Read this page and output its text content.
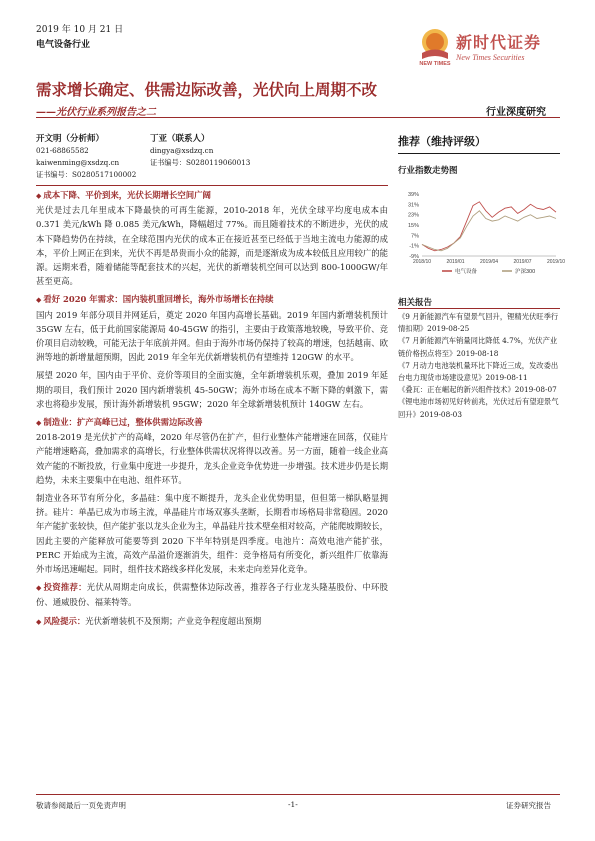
2019 年 10 月 21 日
电气设备行业
NEW TIMES
新时代证券
New Times Securities
需求增长确定、供需边际改善，光伏向上周期不改
——光伏行业系列报告之二	行业深度研究
开文明（分析师）
021-68865582
kaiwenming@xsdzq.cn
证书编号：S0280517100002
丁亚（联系人）
dingya@xsdzq.cn
证书编号：S0280119060013
◆ 成本下降、平价到来，光伏长期增长空间广阔
光伏是过去几年里成本下降最快的可再生能源，2010-2018 年，光伏全球平均度电成本由 0.371 美元/kWh 降 0.085 美元/kWh，降幅超过 77%。而且随着技术的不断进步，光伏的成本下降趋势仍在持续，在全球范围内光伏的成本正在接近甚至已经低于当地主流电力能源的成本，平价上网正在到来，光伏不再是昂贵而小众的能源，而是逐渐成为成本较低且应用较广的能源。远期来看，随着储能等配套技术的兴起，光伏的新增装机空间可以达到 800-1000GW/年甚至更高。
◆ 看好 2020 年需求：国内装机重回增长，海外市场增长在持续
国内 2019 年部分项目并网延后，奠定 2020 年国内高增长基础。2019 年国内新增装机预计 35GW 左右，低于此前国家能源局 40-45GW 的指引，主要由于政策落地较晚，导致平价、竞价项目启动较晚，可能无法于年底前并网。但由于海外市场仍保持了较高的增速，包括越南、欧洲等地的新增量超预期，因此 2019 年全年光伏新增装机仍有望维持 120GW 的水平。
展望 2020 年，国内由于平价、竞价等项目的全面实施，全年新增装机乐观，叠加 2019 年延期的项目，我们预计 2020 国内新增装机 45-50GW；海外市场在成本不断下降的刺激下，需求也将稳步发展，预计海外新增装机 95GW；2020 年全球新增装机预计 140GW 左右。
◆ 制造业：扩产高峰已过，整体供需边际改善
2018-2019 是光伏扩产的高峰，2020 年尽管仍在扩产，但行业整体产能增速在回落，仅硅片产能增速略高，叠加需求的高增长，行业整体供需状况将得以改善。另一方面，随着一线企业高效产能的不断投放，行业集中度进一步提升，龙头企业竞争优势进一步增强。技术进步仍是长期趋势，未来主要集中在电池、组件环节。
制造业各环节有所分化，多晶硅：集中度不断提升，龙头企业优势明显，但但第一梯队略显拥挤。硅片：单晶已成为市场主流，单晶硅片市场双寡头垄断，长期看市场格局非常稳固。2020 年产能扩张较快，但产能扩张以龙头企业为主，单晶硅片技术壁垒相对较高，产能爬坡期较长，因此主要的产能释放可能要等到 2020 下半年特别是四季度。电池片：高效电池产能扩张，PERC 开始成为主流，高效产品溢价逐渐消失，组件：竞争格局有所变化，新兴组件厂依靠海外市场迅速崛起。同时，组件技术路线多样化发展，未来走向差异化竞争。
◆ 投资推荐：光伏从周期走向成长，供需整体边际改善，推荐各子行业龙头隆基股份、中环股份、通威股份、福莱特等。
◆ 风险提示：光伏新增装机不及预期；产业竞争程度超出预期
推荐（维持评级）
行业指数走势图
39%
31%
23%
15%
7%
-1%
-9%
2018/10	2019/01	2019/04	2019/07	2019/10
电气设备	沪深300
相关报告
《 9 月新能源汽车有望景气回升，锂精光伏旺季行情扣期》2019-08-25
《 7 月新能源汽车销量同比降低 4.7%，光伏产业链价格拐点将至》2019-08-18
《 7 月动力电池装机量环比下降近三成，发改委出台电力现货市场建设意见》2019-08-11
《 叠瓦：正在崛起的新兴组件技术》2019-08-07
《 锂电池市场初见好转前兆，光伏过后有望迎景气回升》2019-08-03
敬请参阅最后一页免责声明	-1-	证券研究报告
